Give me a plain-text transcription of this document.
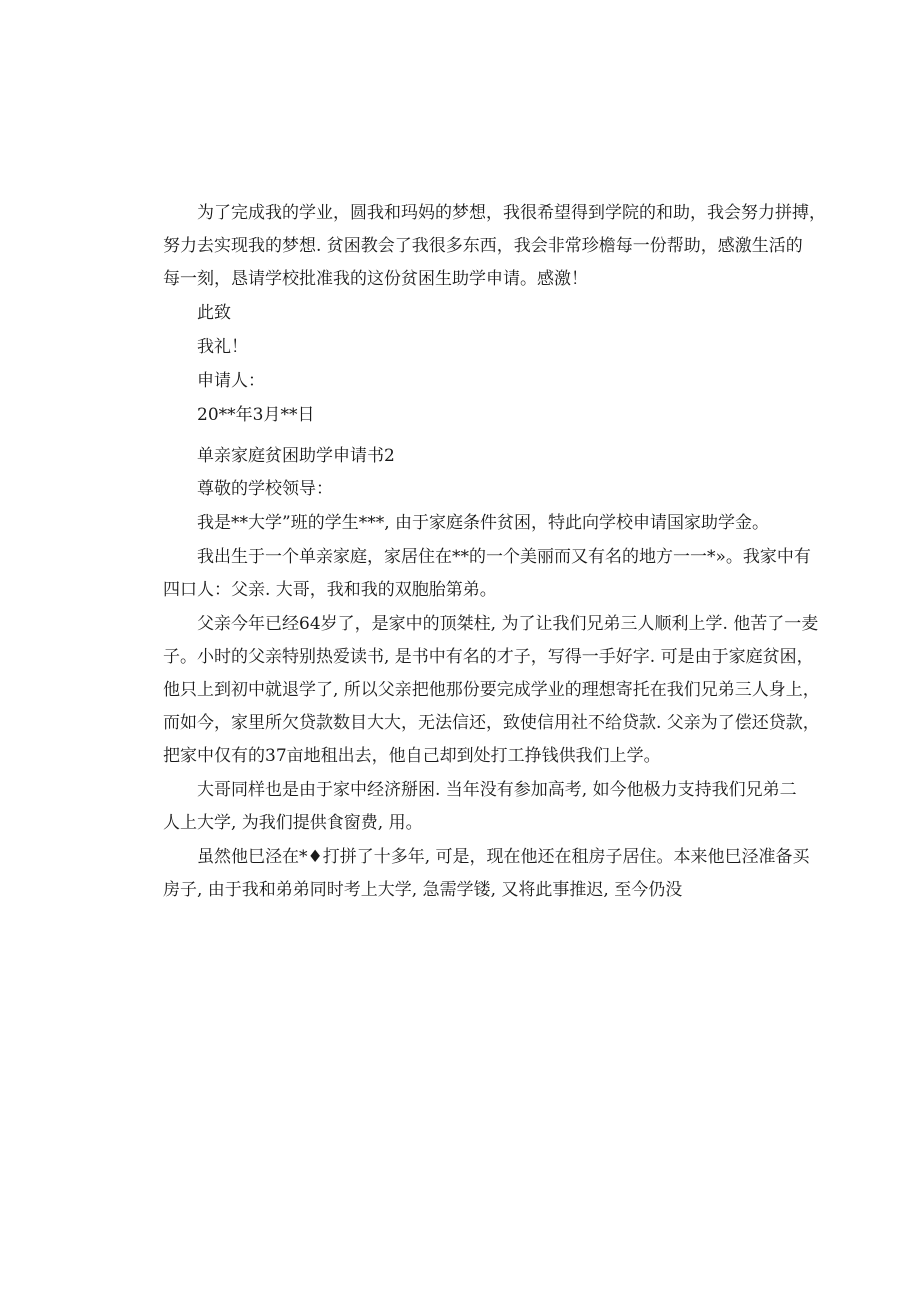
为了完成我的学业，圆我和玛妈的梦想，我很希望得到学院的和助，我会努力拼搏，
努力去实现我的梦想. 贫困教会了我很多东西，我会非常珍檐每一份帮助，感激生活的
每一刻，恳请学校批准我的这份贫困生助学申请。感激！
此致
我礼！
申请人：
20**年3月**日
单亲家庭贫困助学申请书2
尊敬的学校领导：
我是**大学”班的学生***, 由于家庭条件贫困，特此向学校申请国家助学金。
我出生于一个单亲家庭，家居住在**的一个美丽而又有名的地方一一*»。我家中有
四口人：父亲. 大哥，我和我的双胞胎第弟。
父亲今年已经64岁了，是家中的顶桀柱, 为了让我们兄弟三人顺利上学. 他苦了一麦
子。小时的父亲特别热爱读书, 是书中有名的才子，写得一手好字. 可是由于家庭贫困，
他只上到初中就退学了, 所以父亲把他那份要完成学业的理想寄托在我们兄弟三人身上，
而如今，家里所欠贷款数目大大，无法信还，致使信用社不给贷款. 父亲为了偿还贷款，
把家中仅有的37亩地租出去，他自己却到处打工挣钱供我们上学。
大哥同样也是由于家中经济掰困. 当年没有参加高考, 如今他极力支持我们兄弟二
人上大学, 为我们提供食窗费, 用。
虽然他巳泾在*♦打拼了十多年, 可是，现在他还在租房子居住。本来他巳泾准备买
房子, 由于我和弟弟同时考上大学, 急需学镂, 又将此事推迟, 至今仍没
